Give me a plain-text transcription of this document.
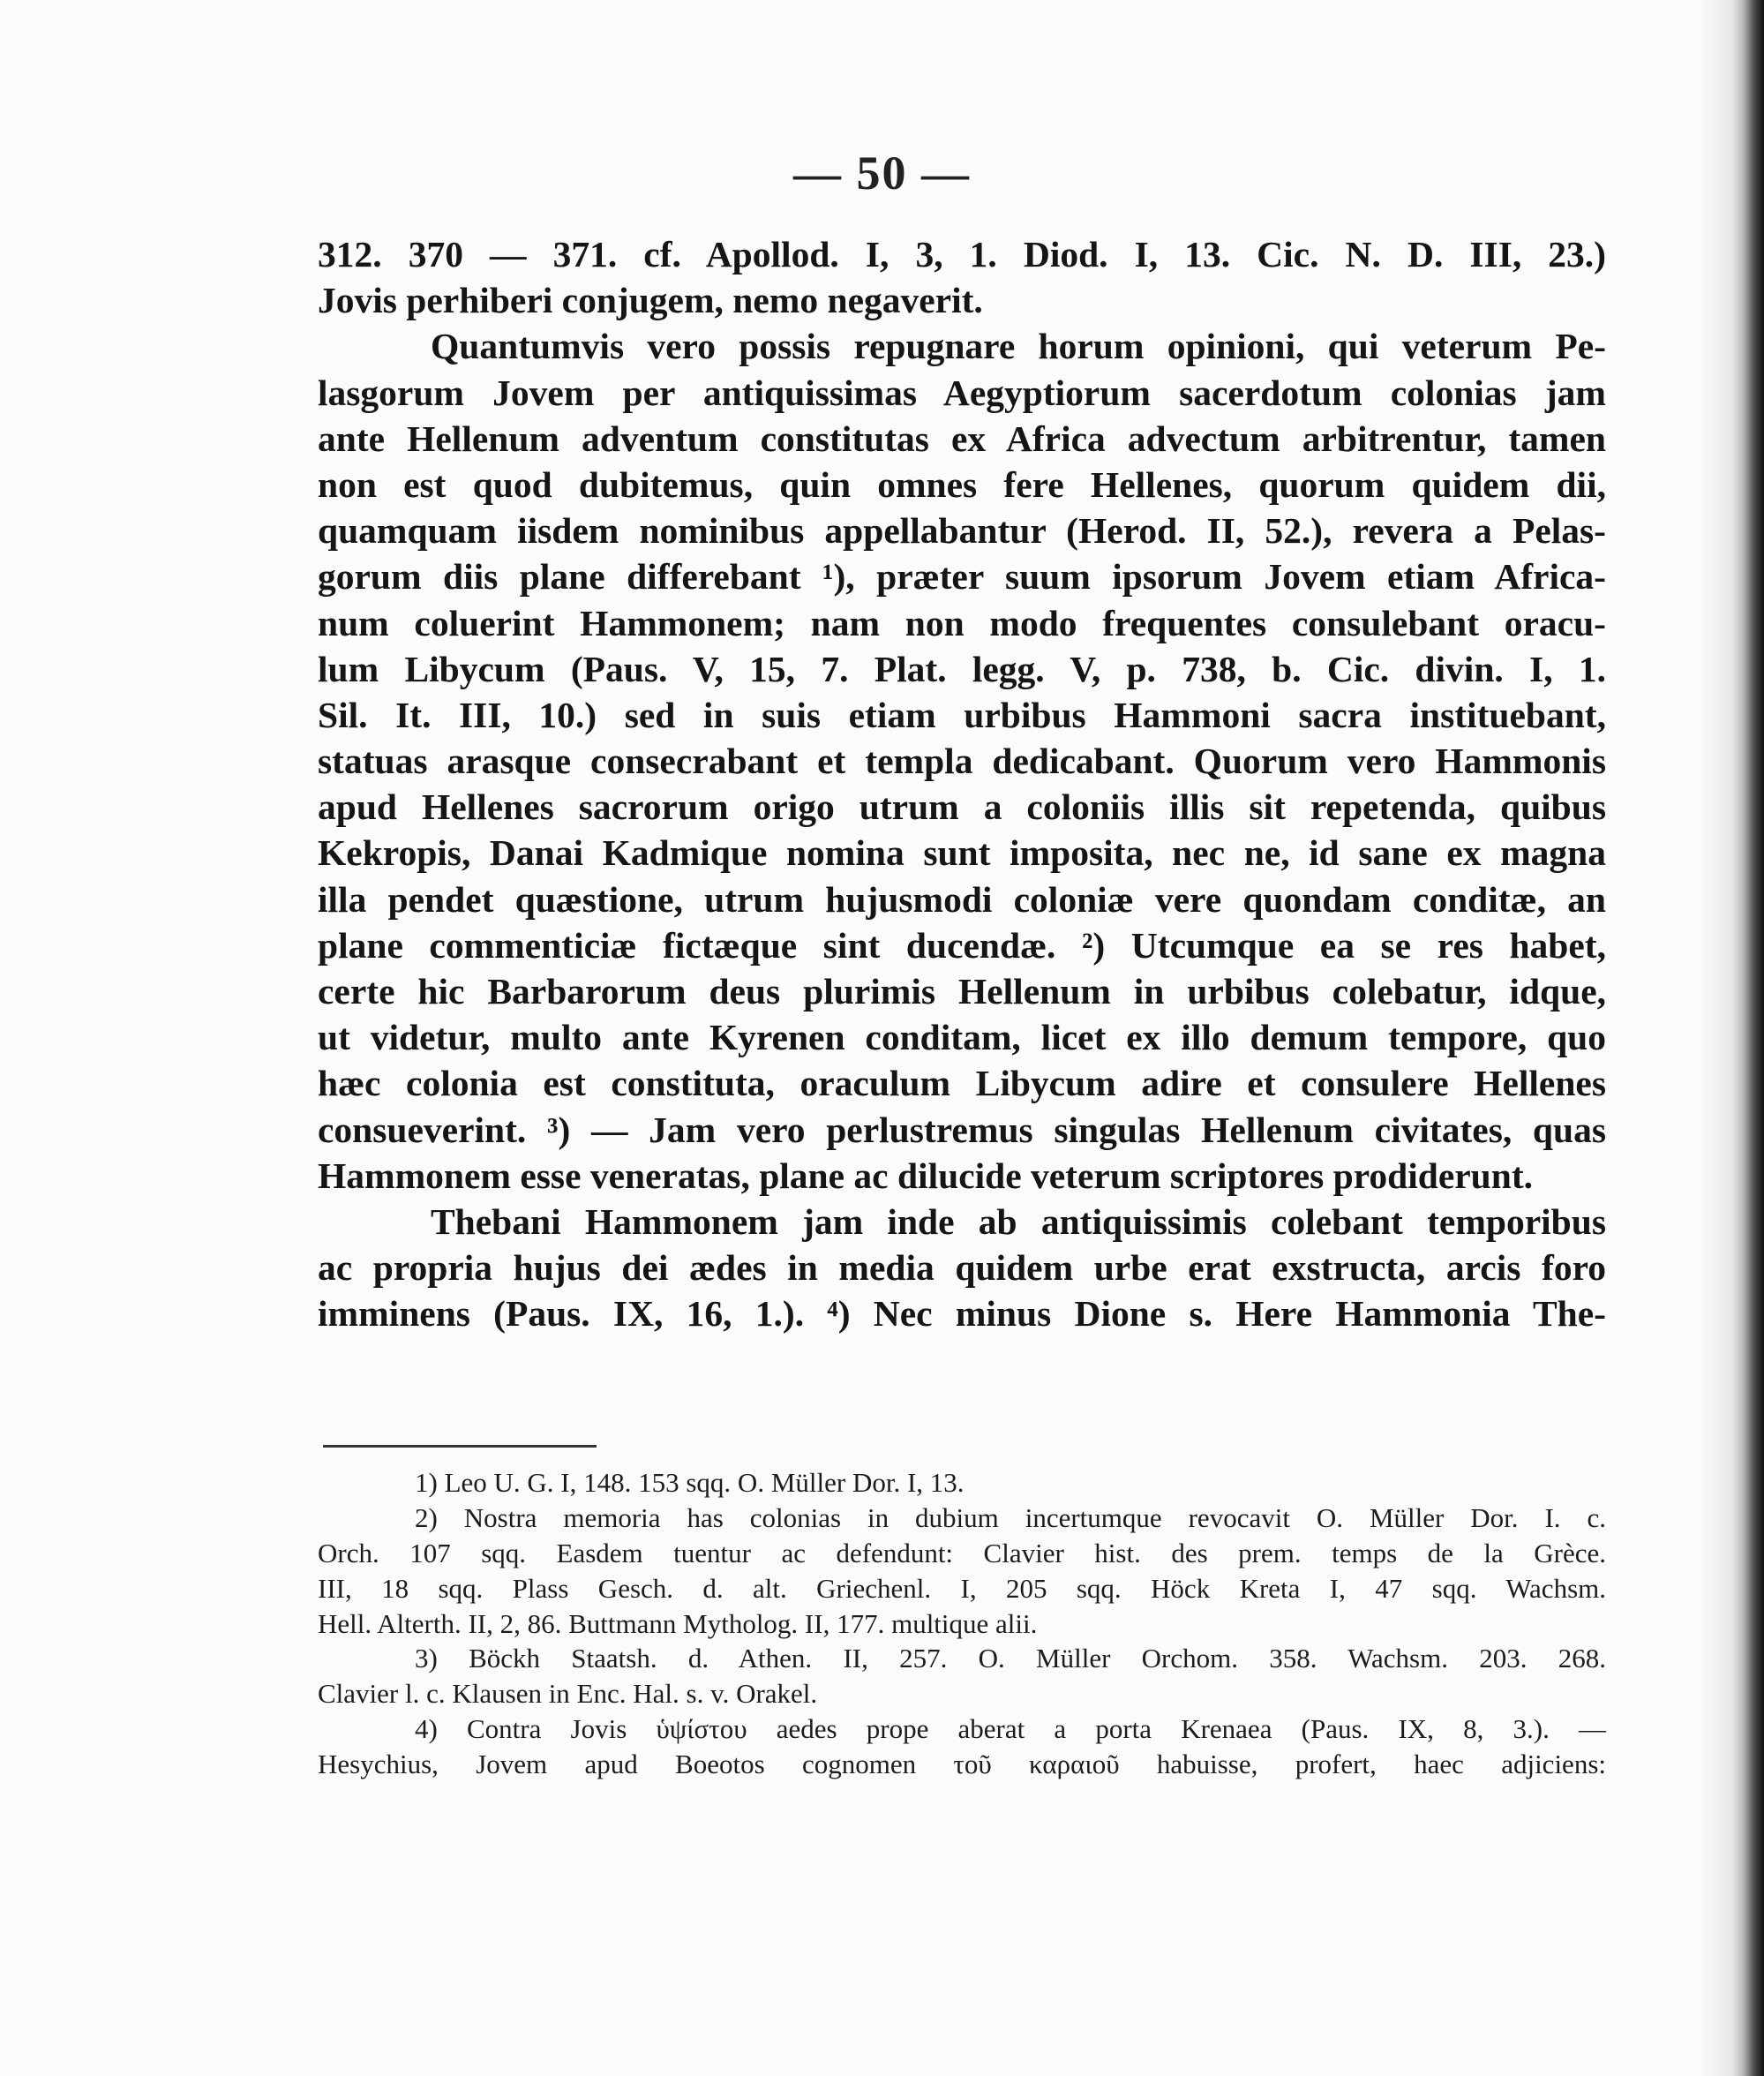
— 50 —
312. 370 — 371. cf. Apollod. I, 3, 1. Diod. I, 13. Cic. N. D. III, 23.)
Jovis perhiberi conjugem, nemo negaverit.
Quantumvis vero possis repugnare horum opinioni, qui veterum Pe-
lasgorum Jovem per antiquissimas Aegyptiorum sacerdotum colonias jam
ante Hellenum adventum constitutas ex Africa advectum arbitrentur, tamen
non est quod dubitemus, quin omnes fere Hellenes, quorum quidem dii,
quamquam iisdem nominibus appellabantur (Herod. II, 52.), revera a Pelas-
gorum diis plane differebant ¹), præter suum ipsorum Jovem etiam Africa-
num coluerint Hammonem; nam non modo frequentes consulebant oracu-
lum Libycum (Paus. V, 15, 7. Plat. legg. V, p. 738, b. Cic. divin. I, 1.
Sil. It. III, 10.) sed in suis etiam urbibus Hammoni sacra instituebant,
statuas arasque consecrabant et templa dedicabant. Quorum vero Hammonis
apud Hellenes sacrorum origo utrum a coloniis illis sit repetenda, quibus
Kekropis, Danai Kadmique nomina sunt imposita, nec ne, id sane ex magna
illa pendet quæstione, utrum hujusmodi coloniæ vere quondam conditæ, an
plane commenticiæ fictæque sint ducendæ. ²) Utcumque ea se res habet,
certe hic Barbarorum deus plurimis Hellenum in urbibus colebatur, idque,
ut videtur, multo ante Kyrenen conditam, licet ex illo demum tempore, quo
hæc colonia est constituta, oraculum Libycum adire et consulere Hellenes
consueverint. ³) — Jam vero perlustremus singulas Hellenum civitates, quas
Hammonem esse veneratas, plane ac dilucide veterum scriptores prodiderunt.
Thebani Hammonem jam inde ab antiquissimis colebant temporibus
ac propria hujus dei ædes in media quidem urbe erat exstructa, arcis foro
imminens (Paus. IX, 16, 1.). ⁴) Nec minus Dione s. Here Hammonia The-
1) Leo U. G. I, 148. 153 sqq. O. Müller Dor. I, 13.
2) Nostra memoria has colonias in dubium incertumque revocavit O. Müller Dor. I. c.
Orch. 107 sqq. Easdem tuentur ac defendunt: Clavier hist. des prem. temps de la Grèce.
III, 18 sqq. Plass Gesch. d. alt. Griechenl. I, 205 sqq. Höck Kreta I, 47 sqq. Wachsm.
Hell. Alterth. II, 2, 86. Buttmann Mytholog. II, 177. multique alii.
3) Böckh Staatsh. d. Athen. II, 257. O. Müller Orchom. 358. Wachsm. 203. 268.
Clavier l. c. Klausen in Enc. Hal. s. v. Orakel.
4) Contra Jovis ὑψίστου aedes prope aberat a porta Krenaea (Paus. IX, 8, 3.). —
Hesychius, Jovem apud Boeotos cognomen τοῦ καραιοῦ habuisse, profert, haec adjiciens:
